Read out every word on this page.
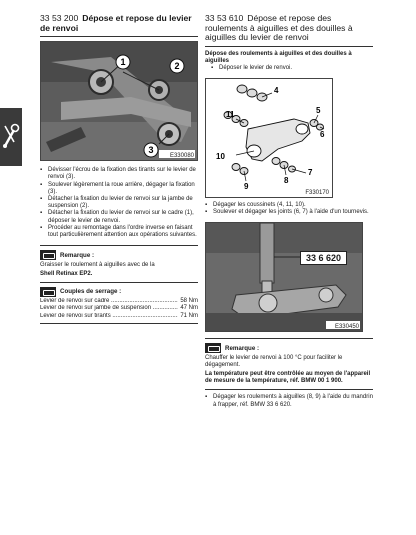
33 53 200 Dépose et repose du levier de renvoi

1	2
3
E330080

▪ Dévisser l'écrou de la fixation des tirants sur le levier de renvoi (3).

▪ Soulever légèrement la roue arrière, dégager la fixation (3).

▪ Détacher la fixation du levier de renvoi sur la jambe de suspension (2).

▪ Détacher la fixation du levier de renvoi sur le cadre (1), déposer le levier de renvoi.

▪ Procéder au remontage dans l'ordre inverse en faisant tout particulièrement attention aux opérations suivantes.

Remarque :

Graisser le roulement à aiguilles avec de la

Shell Retinax EP2.

Couples de serrage :
Levier de renvoi sur cadre .....	58 Nm
Levier de renvoi sur jambe de suspension .....	47 Nm
Levier de renvoi sur tirants .....	71 Nm

33 53 610 Dépose et repose des roulements à aiguilles et des douilles à aiguilles du levier de renvoi

Dépose des roulements à aiguilles et des douilles à aiguilles

▪ Déposer le levier de renvoi.

4
5
6
7
8
9
10
11
F330170

▪ Dégager les coussinets (4, 11, 10).

▪ Soulever et dégager les joints (6, 7) à l'aide d'un tournevis.

33 6 620
E330450
Remarque :

Chauffer le levier de renvoi à 100 °C pour faciliter le dégagement.

La température peut être contrôlée au moyen de l'appareil de mesure de la température, réf. BMW 00 1 900.

▪ Dégager les roulements à aiguilles (8, 9) à l'aide du mandrin à frapper, réf. BMW 33 6 620.
